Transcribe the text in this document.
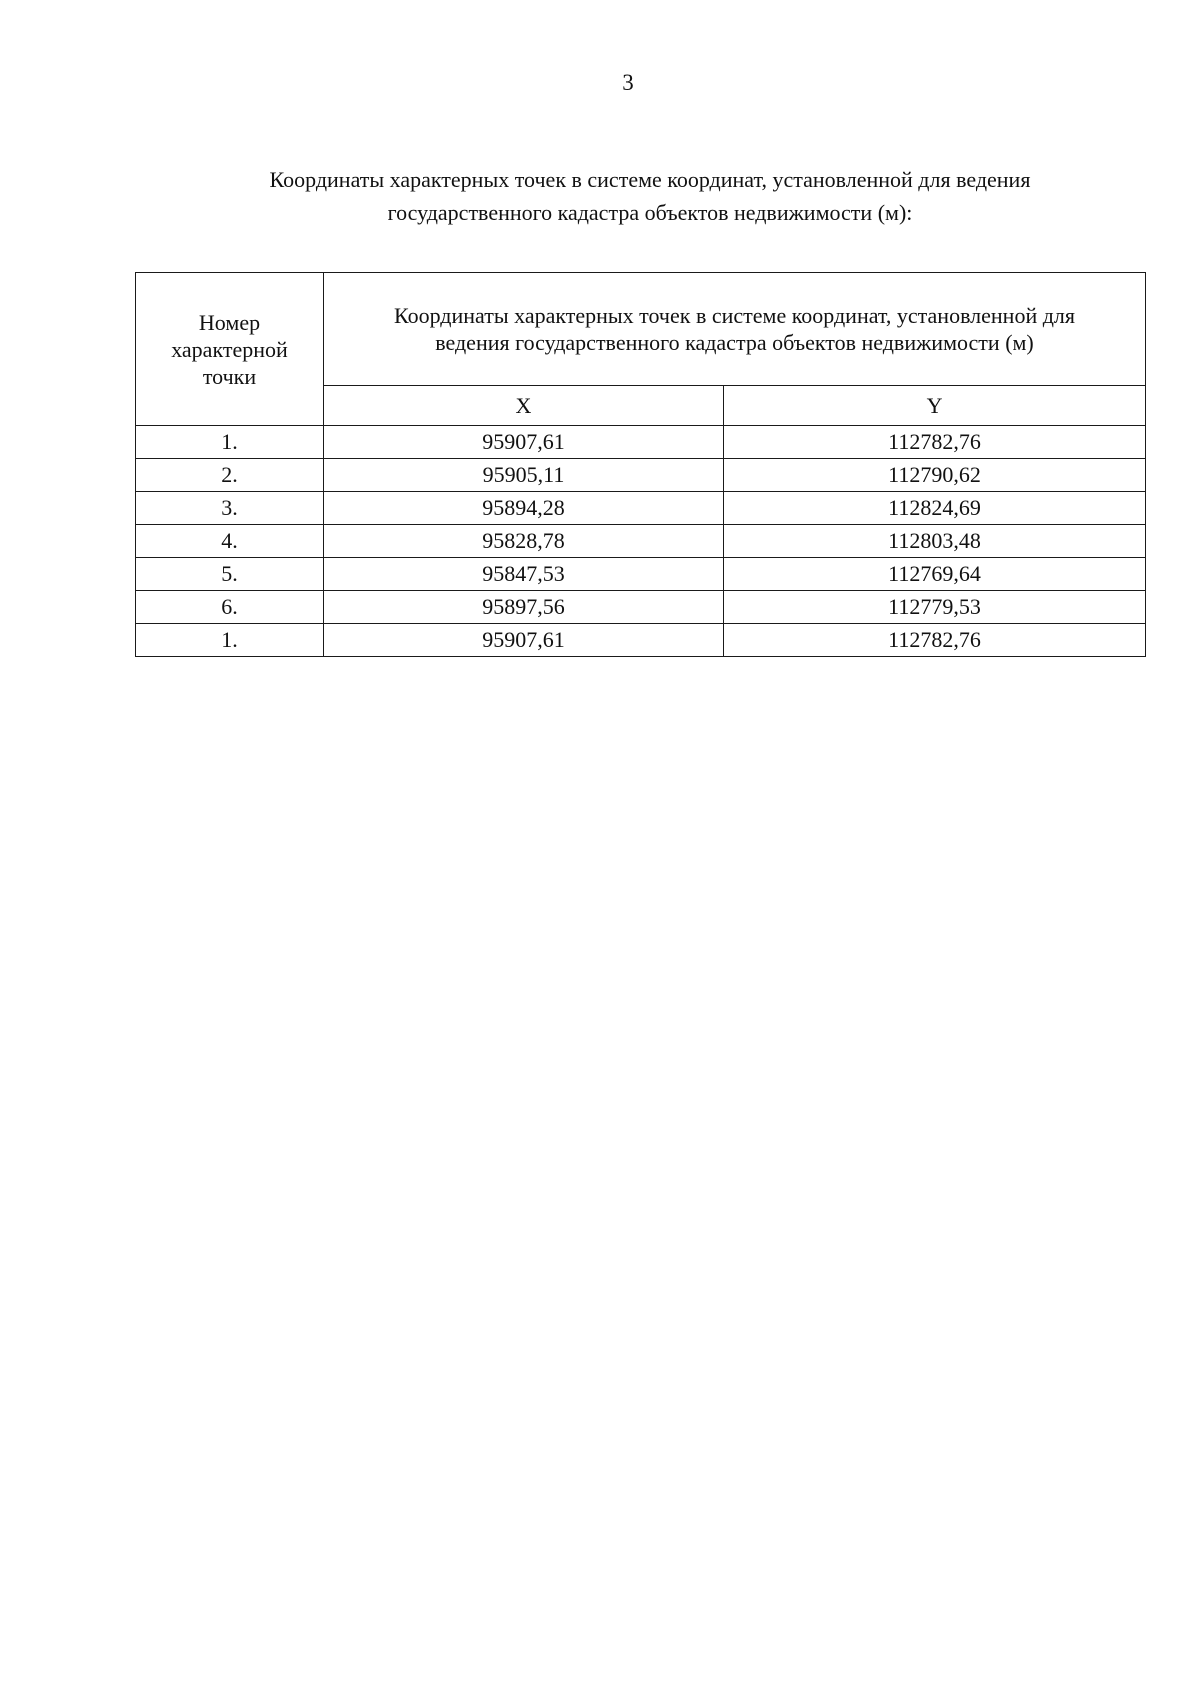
3
Координаты характерных точек в системе координат, установленной для ведения
государственного кадастра объектов недвижимости (м):
Номер
характерной
точки	Координаты характерных точек в системе координат, установленной для
ведения государственного кадастра объектов недвижимости (м)	
	X	Y
1.	95907,61	112782,76
2.	95905,11	112790,62
3.	95894,28	112824,69
4.	95828,78	112803,48
5.	95847,53	112769,64
6.	95897,56	112779,53
1.	95907,61	112782,76
